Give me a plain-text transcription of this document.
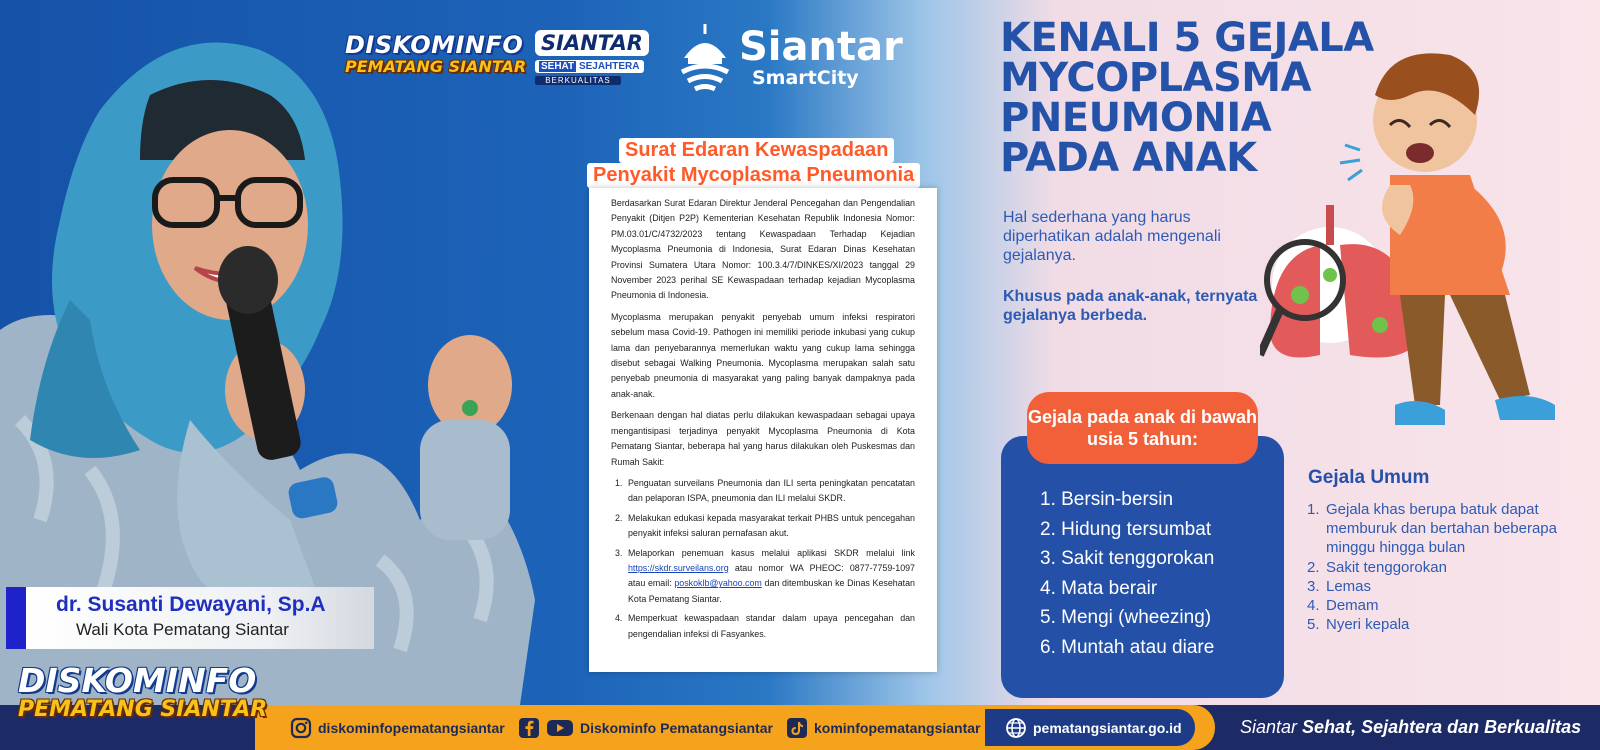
dr. Susanti Dewayani, Sp.A
Wali Kota Pematang Siantar
DISKOMINFO
PEMATANG SIANTAR
SIANTAR
SEHAT SEJAHTERA
BERKUALITAS
Siantar
SmartCity
Surat Edaran Kewaspadaan
Penyakit Mycoplasma Pneumonia

Berdasarkan Surat Edaran Direktur Jenderal Pencegahan dan Pengendalian Penyakit (Ditjen P2P) Kementerian Kesehatan Republik Indonesia Nomor: PM.03.01/C/4732/2023 tentang Kewaspadaan Terhadap Kejadian Mycoplasma Pneumonia di Indonesia, Surat Edaran Dinas Kesehatan Provinsi Sumatera Utara Nomor: 100.3.4/7/DINKES/XI/2023 tanggal 29 November 2023 perihal SE Kewaspadaan terhadap kejadian Mycoplasma Pneumonia di Indonesia.

Mycoplasma merupakan penyakit penyebab umum infeksi respiratori sebelum masa Covid-19. Pathogen ini memiliki periode inkubasi yang cukup lama dan penyebarannya memerlukan waktu yang cukup lama sehingga disebut sebagai Walking Pneumonia. Mycoplasma merupakan salah satu penyebab pneumonia di masyarakat yang paling banyak dampaknya pada anak-anak.

Berkenaan dengan hal diatas perlu dilakukan kewaspadaan sebagai upaya mengantisipasi terjadinya penyakit Mycoplasma Pneumonia di Kota Pematang Siantar, beberapa hal yang harus dilakukan oleh Puskesmas dan Rumah Sakit:

1. Penguatan surveilans Pneumonia dan ILI serta peningkatan pencatatan dan pelaporan ISPA, pneumonia dan ILI melalui SKDR.
2. Melakukan edukasi kepada masyarakat terkait PHBS untuk pencegahan penyakit infeksi saluran pernafasan akut.
3. Melaporkan penemuan kasus melalui aplikasi SKDR melalui link https://skdr.surveilans.org atau nomor WA PHEOC: 0877-7759-1097 atau email: poskoklb@yahoo.com dan ditembuskan ke Dinas Kesehatan Kota Pematang Siantar.
4. Memperkuat kewaspadaan standar dalam upaya pencegahan dan pengendalian infeksi di Fasyankes.
KENALI 5 GEJALA
MYCOPLASMA
PNEUMONIA
PADA ANAK
Hal sederhana yang harus diperhatikan adalah mengenali gejalanya.
Khusus pada anak-anak, ternyata gejalanya berbeda.
Gejala pada anak di bawah usia 5 tahun:
1. Bersin-bersin
2. Hidung tersumbat
3. Sakit tenggorokan
4. Mata berair
5. Mengi (wheezing)
6. Muntah atau diare
Gejala Umum
1. Gejala khas berupa batuk dapat memburuk dan bertahan beberapa minggu hingga bulan
2. Sakit tenggorokan
3. Lemas
4. Demam
5. Nyeri kepala
diskominfopematangsiantar	Diskominfo Pematangsiantar	kominfopematangsiantar	pematangsiantar.go.id	Siantar Sehat, Sejahtera dan Berkualitas
DISKOMINFO
PEMATANG SIANTAR
